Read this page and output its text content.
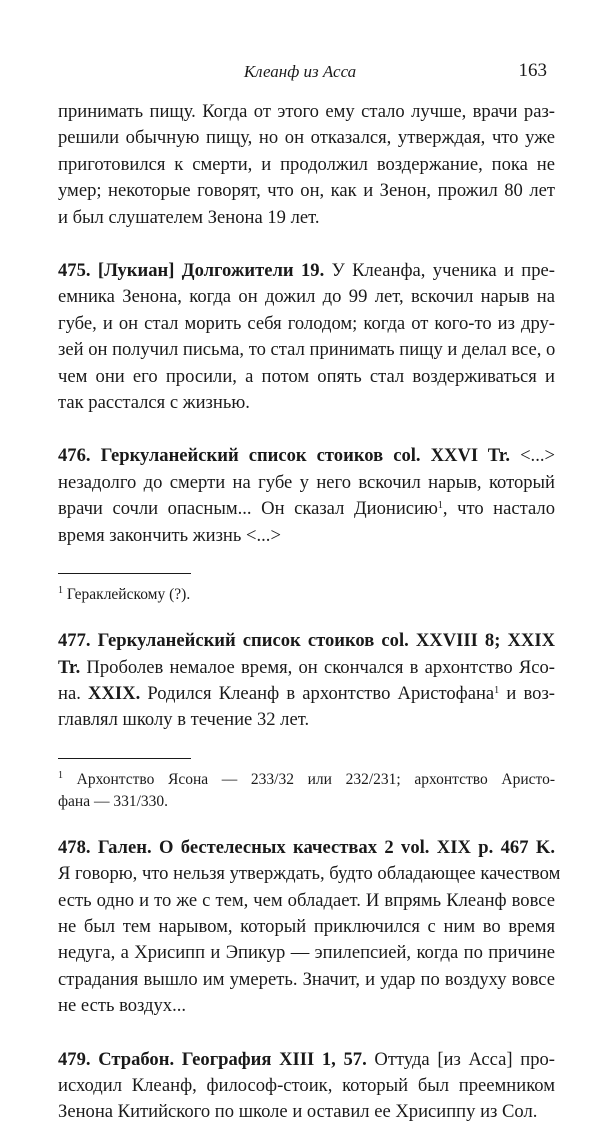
Клеанф из Асса	163

принимать пищу. Когда от этого ему стало лучше, врачи раз-
решили обычную пищу, но он отказался, утверждая, что уже
приготовился к смерти, и продолжил воздержание, пока не
умер; некоторые говорят, что он, как и Зенон, прожил 80 лет
и был слушателем Зенона 19 лет.

475. [Лукиан] Долгожители 19. У Клеанфа, ученика и пре-
емника Зенона, когда он дожил до 99 лет, вскочил нарыв на
губе, и он стал морить себя голодом; когда от кого-то из дру-
зей он получил письма, то стал принимать пищу и делал все, о
чем они его просили, а потом опять стал воздерживаться и
так расстался с жизнью.

476. Геркуланейский список стоиков col. XXVI Tr. <...>
незадолго до смерти на губе у него вскочил нарыв, который
врачи сочли опасным... Он сказал Дионисию$^1$, что настало
время закончить жизнь <...>

$^1$ Гераклейскому (?).

477. Геркуланейский список стоиков col. XXVIII 8; XXIX
Tr. Проболев немалое время, он скончался в архонтство Ясо-
на. XXIX. Родился Клеанф в архонтство Аристофана$^1$ и воз-
главлял школу в течение 32 лет.

$^1$ Архонтство Ясона — 233/32 или 232/231; архонтство Аристо-
фана — 331/330.

478. Гален. О бестелесных качествах 2 vol. XIX p. 467 K.
Я говорю, что нельзя утверждать, будто обладающее качеством
есть одно и то же с тем, чем обладает. И впрямь Клеанф вовсе
не был тем нарывом, который приключился с ним во время
недуга, а Хрисипп и Эпикур — эпилепсией, когда по причине
страдания вышло им умереть. Значит, и удар по воздуху вовсе
не есть воздух...

479. Страбон. География XIII 1, 57. Оттуда [из Асса] про-
исходил Клеанф, философ-стоик, который был преемником
Зенона Китийского по школе и оставил ее Хрисиппу из Сол.
